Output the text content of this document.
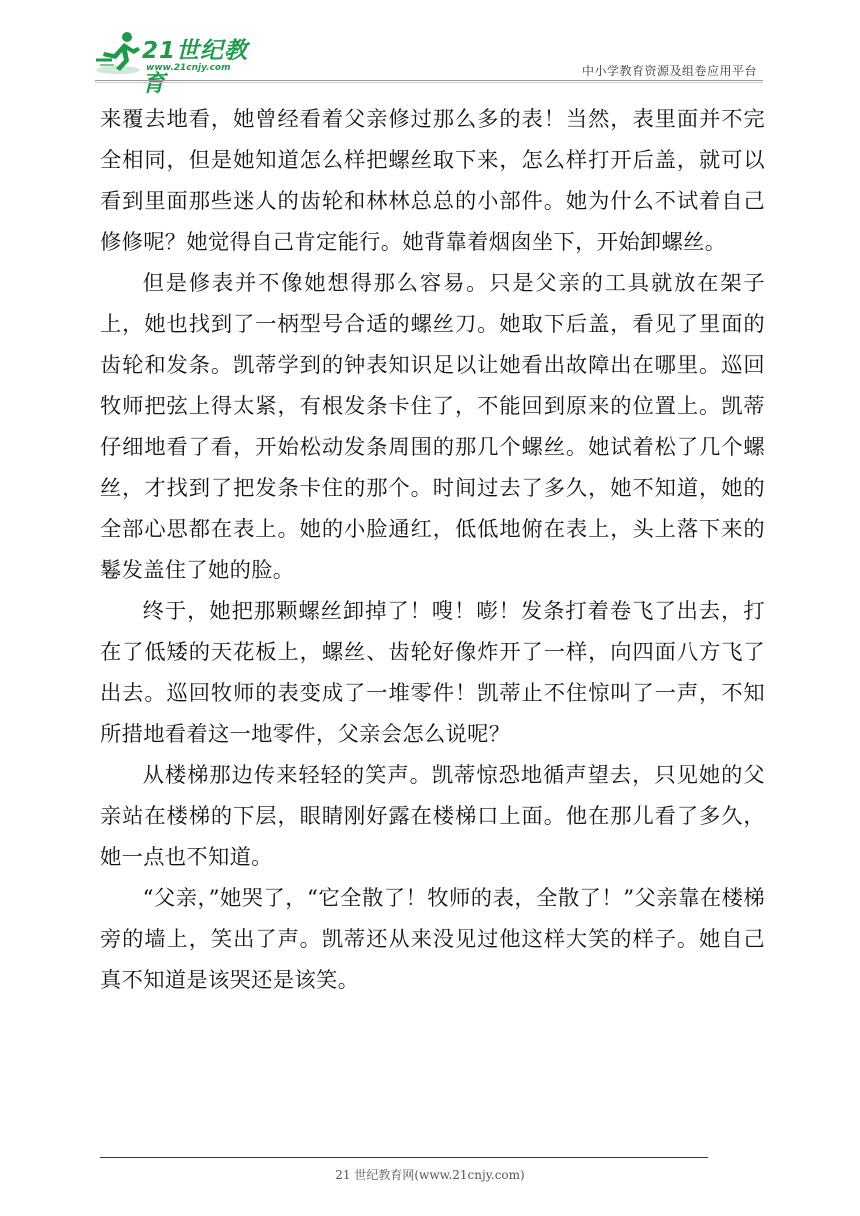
21世纪教育
www.21cnjy.com	中小学教育资源及组卷应用平台

来覆去地看，她曾经看着父亲修过那么多的表！当然，表里面并不完全相同，但是她知道怎么样把螺丝取下来，怎么样打开后盖，就可以看到里面那些迷人的齿轮和林林总总的小部件。她为什么不试着自己修修呢？她觉得自己肯定能行。她背靠着烟囱坐下，开始卸螺丝。

但是修表并不像她想得那么容易。只是父亲的工具就放在架子上，她也找到了一柄型号合适的螺丝刀。她取下后盖，看见了里面的齿轮和发条。凯蒂学到的钟表知识足以让她看出故障出在哪里。巡回牧师把弦上得太紧，有根发条卡住了，不能回到原来的位置上。凯蒂仔细地看了看，开始松动发条周围的那几个螺丝。她试着松了几个螺丝，才找到了把发条卡住的那个。时间过去了多久，她不知道，她的全部心思都在表上。她的小脸通红，低低地俯在表上，头上落下来的鬈发盖住了她的脸。

终于，她把那颗螺丝卸掉了！嗖！嘭！发条打着卷飞了出去，打在了低矮的天花板上，螺丝、齿轮好像炸开了一样，向四面八方飞了出去。巡回牧师的表变成了一堆零件！凯蒂止不住惊叫了一声，不知所措地看着这一地零件，父亲会怎么说呢？

从楼梯那边传来轻轻的笑声。凯蒂惊恐地循声望去，只见她的父亲站在楼梯的下层，眼睛刚好露在楼梯口上面。他在那儿看了多久，她一点也不知道。

“父亲，”她哭了，“它全散了！牧师的表，全散了！”父亲靠在楼梯旁的墙上，笑出了声。凯蒂还从来没见过他这样大笑的样子。她自己真不知道是该哭还是该笑。

21 世纪教育网(www.21cnjy.com)
